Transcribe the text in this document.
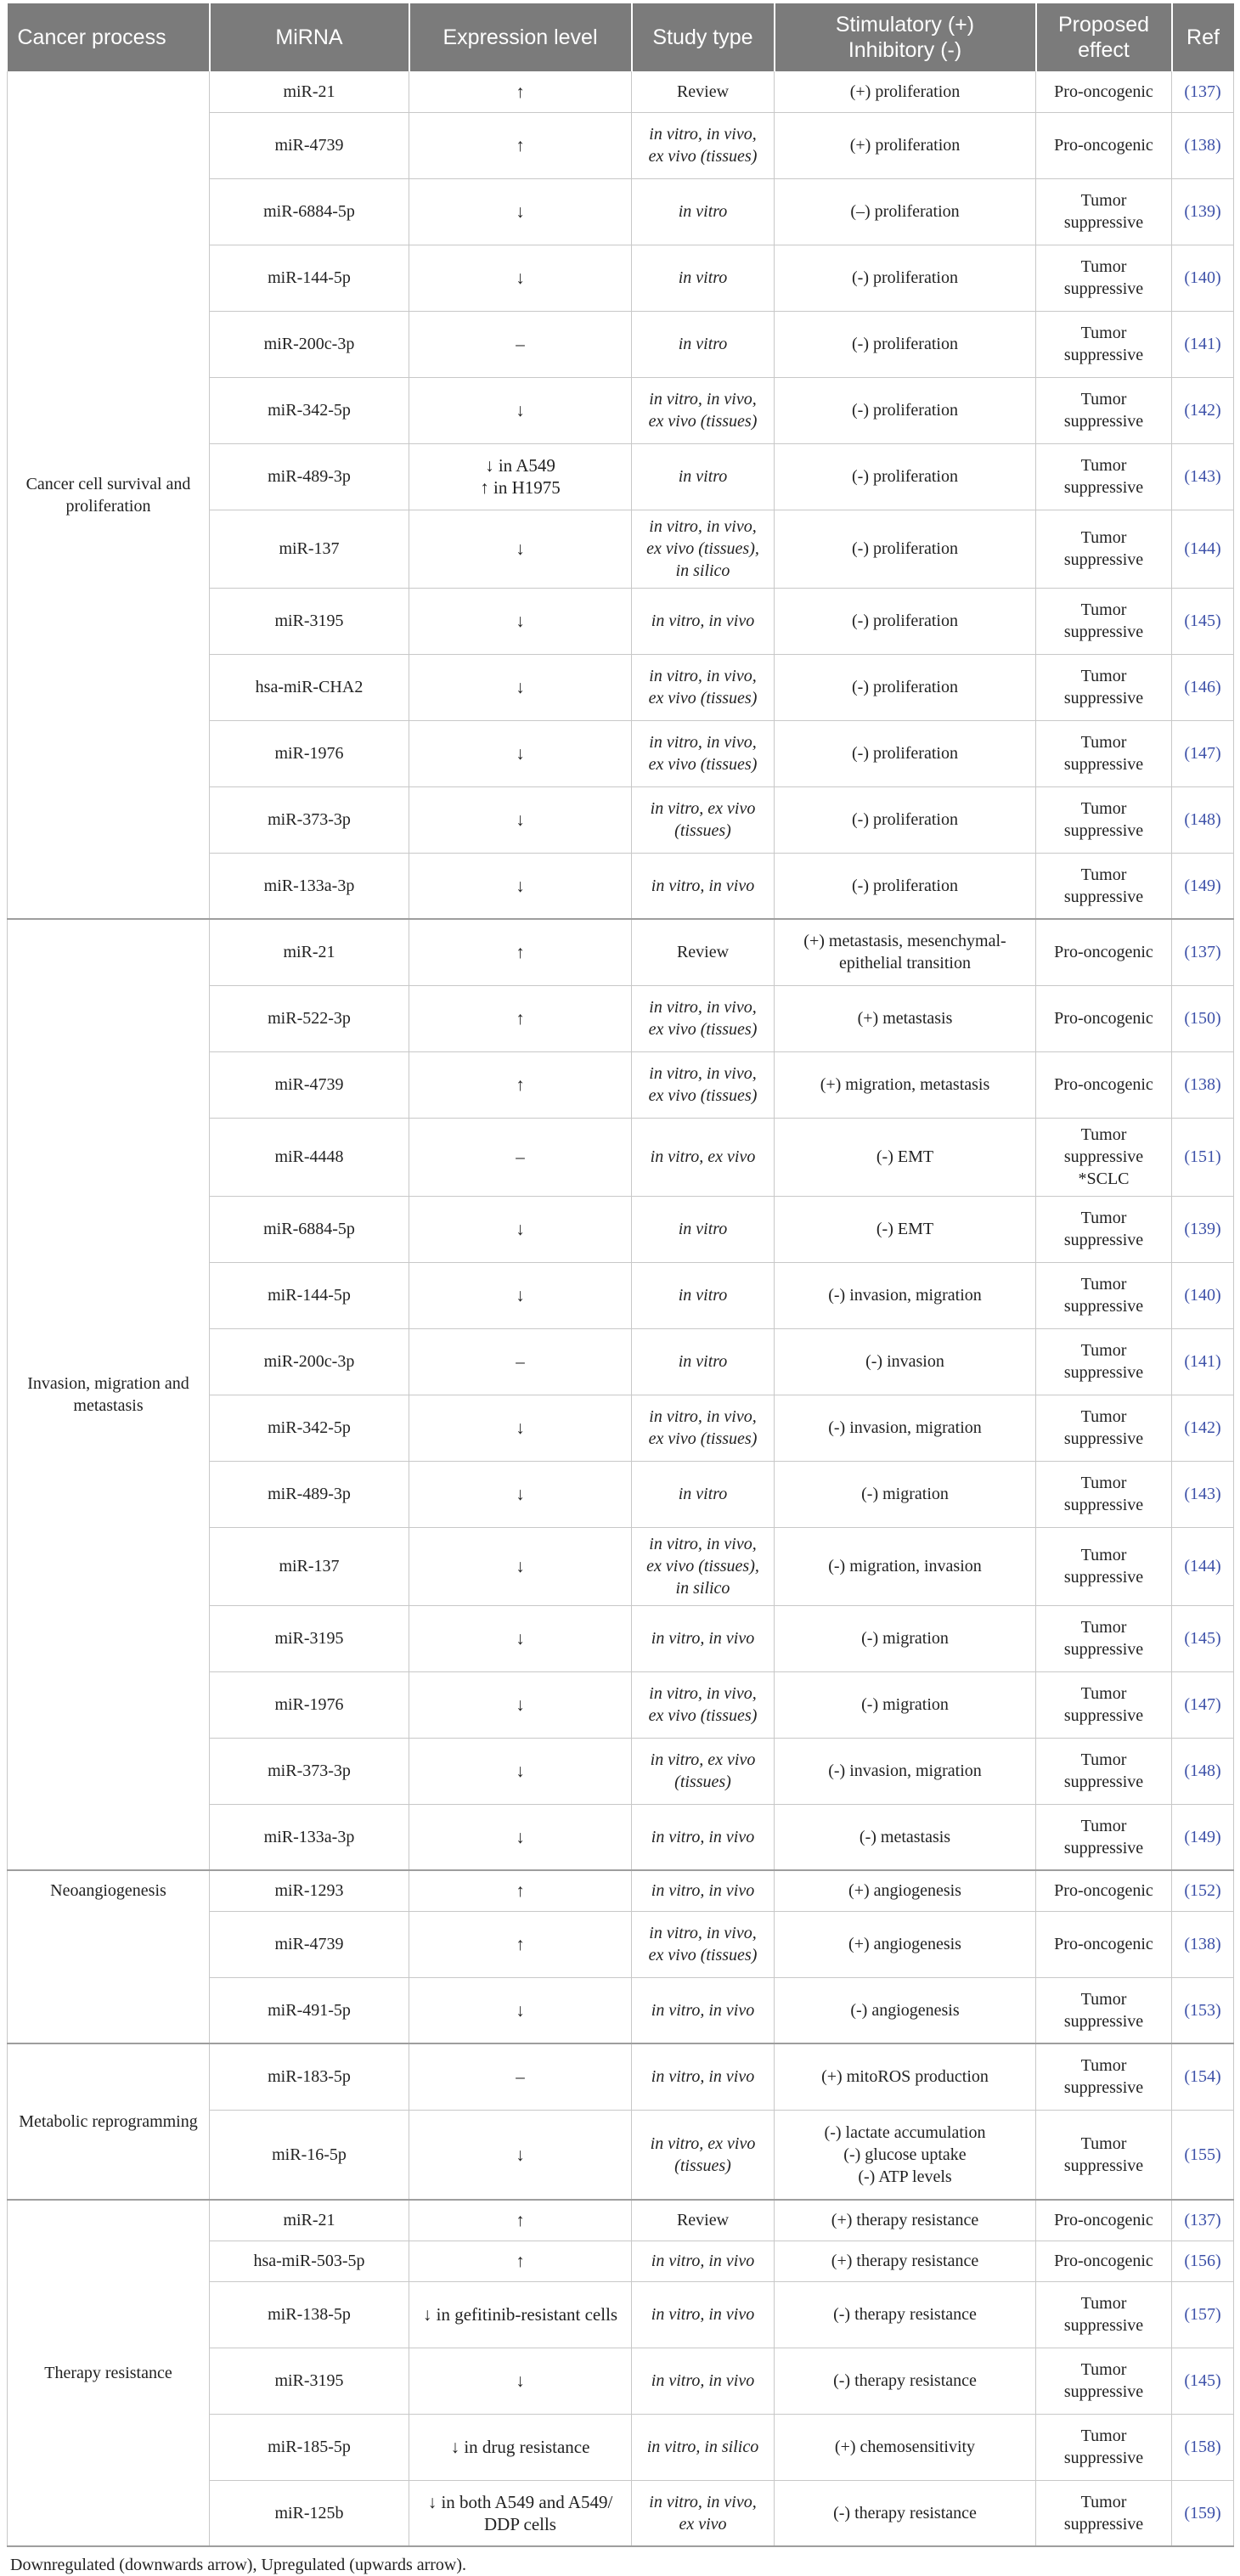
Cancer process	MiRNA	Expression level	Study type	Stimulatory (+)
Inhibitory (-)	Proposed
effect	Ref
Cancer cell survival and proliferation	miR-21	↑	Review	(+) proliferation	Pro-oncogenic	(137)
	miR-4739	↑	in vitro, in vivo,
ex vivo (tissues)	(+) proliferation	Pro-oncogenic	(138)
	miR-6884-5p	↓	in vitro	(–) proliferation	Tumor
suppressive	(139)
	miR-144-5p	↓	in vitro	(-) proliferation	Tumor
suppressive	(140)
	miR-200c-3p	–	in vitro	(-) proliferation	Tumor
suppressive	(141)
	miR-342-5p	↓	in vitro, in vivo,
ex vivo (tissues)	(-) proliferation	Tumor
suppressive	(142)
	miR-489-3p	↓ in A549
↑ in H1975	in vitro	(-) proliferation	Tumor
suppressive	(143)
	miR-137	↓	in vitro, in vivo,
ex vivo (tissues),
in silico	(-) proliferation	Tumor
suppressive	(144)
	miR-3195	↓	in vitro, in vivo	(-) proliferation	Tumor
suppressive	(145)
	hsa-miR-CHA2	↓	in vitro, in vivo,
ex vivo (tissues)	(-) proliferation	Tumor
suppressive	(146)
	miR-1976	↓	in vitro, in vivo,
ex vivo (tissues)	(-) proliferation	Tumor
suppressive	(147)
	miR-373-3p	↓	in vitro, ex vivo
(tissues)	(-) proliferation	Tumor
suppressive	(148)
	miR-133a-3p	↓	in vitro, in vivo	(-) proliferation	Tumor
suppressive	(149)
Invasion, migration and metastasis	miR-21	↑	Review	(+) metastasis, mesenchymal-
epithelial transition	Pro-oncogenic	(137)
	miR-522-3p	↑	in vitro, in vivo,
ex vivo (tissues)	(+) metastasis	Pro-oncogenic	(150)
	miR-4739	↑	in vitro, in vivo,
ex vivo (tissues)	(+) migration, metastasis	Pro-oncogenic	(138)
	miR-4448	–	in vitro, ex vivo	(-) EMT	Tumor
suppressive
*SCLC	(151)
	miR-6884-5p	↓	in vitro	(-) EMT	Tumor
suppressive	(139)
	miR-144-5p	↓	in vitro	(-) invasion, migration	Tumor
suppressive	(140)
	miR-200c-3p	–	in vitro	(-) invasion	Tumor
suppressive	(141)
	miR-342-5p	↓	in vitro, in vivo,
ex vivo (tissues)	(-) invasion, migration	Tumor
suppressive	(142)
	miR-489-3p	↓	in vitro	(-) migration	Tumor
suppressive	(143)
	miR-137	↓	in vitro, in vivo,
ex vivo (tissues),
in silico	(-) migration, invasion	Tumor
suppressive	(144)
	miR-3195	↓	in vitro, in vivo	(-) migration	Tumor
suppressive	(145)
	miR-1976	↓	in vitro, in vivo,
ex vivo (tissues)	(-) migration	Tumor
suppressive	(147)
	miR-373-3p	↓	in vitro, ex vivo
(tissues)	(-) invasion, migration	Tumor
suppressive	(148)
	miR-133a-3p	↓	in vitro, in vivo	(-) metastasis	Tumor
suppressive	(149)
Neoangiogenesis	miR-1293	↑	in vitro, in vivo	(+) angiogenesis	Pro-oncogenic	(152)
	miR-4739	↑	in vitro, in vivo,
ex vivo (tissues)	(+) angiogenesis	Pro-oncogenic	(138)
	miR-491-5p	↓	in vitro, in vivo	(-) angiogenesis	Tumor
suppressive	(153)
Metabolic reprogramming	miR-183-5p	–	in vitro, in vivo	(+) mitoROS production	Tumor
suppressive	(154)
	miR-16-5p	↓	in vitro, ex vivo
(tissues)	(-) lactate accumulation
(-) glucose uptake
(-) ATP levels	Tumor
suppressive	(155)
Therapy resistance	miR-21	↑	Review	(+) therapy resistance	Pro-oncogenic	(137)
	hsa-miR-503-5p	↑	in vitro, in vivo	(+) therapy resistance	Pro-oncogenic	(156)
	miR-138-5p	↓ in gefitinib-resistant cells	in vitro, in vivo	(-) therapy resistance	Tumor
suppressive	(157)
	miR-3195	↓	in vitro, in vivo	(-) therapy resistance	Tumor
suppressive	(145)
	miR-185-5p	↓ in drug resistance	in vitro, in silico	(+) chemosensitivity	Tumor
suppressive	(158)
	miR-125b	↓ in both A549 and A549/
DDP cells	in vitro, in vivo,
ex vivo	(-) therapy resistance	Tumor
suppressive	(159)
Downregulated (downwards arrow), Upregulated (upwards arrow).
